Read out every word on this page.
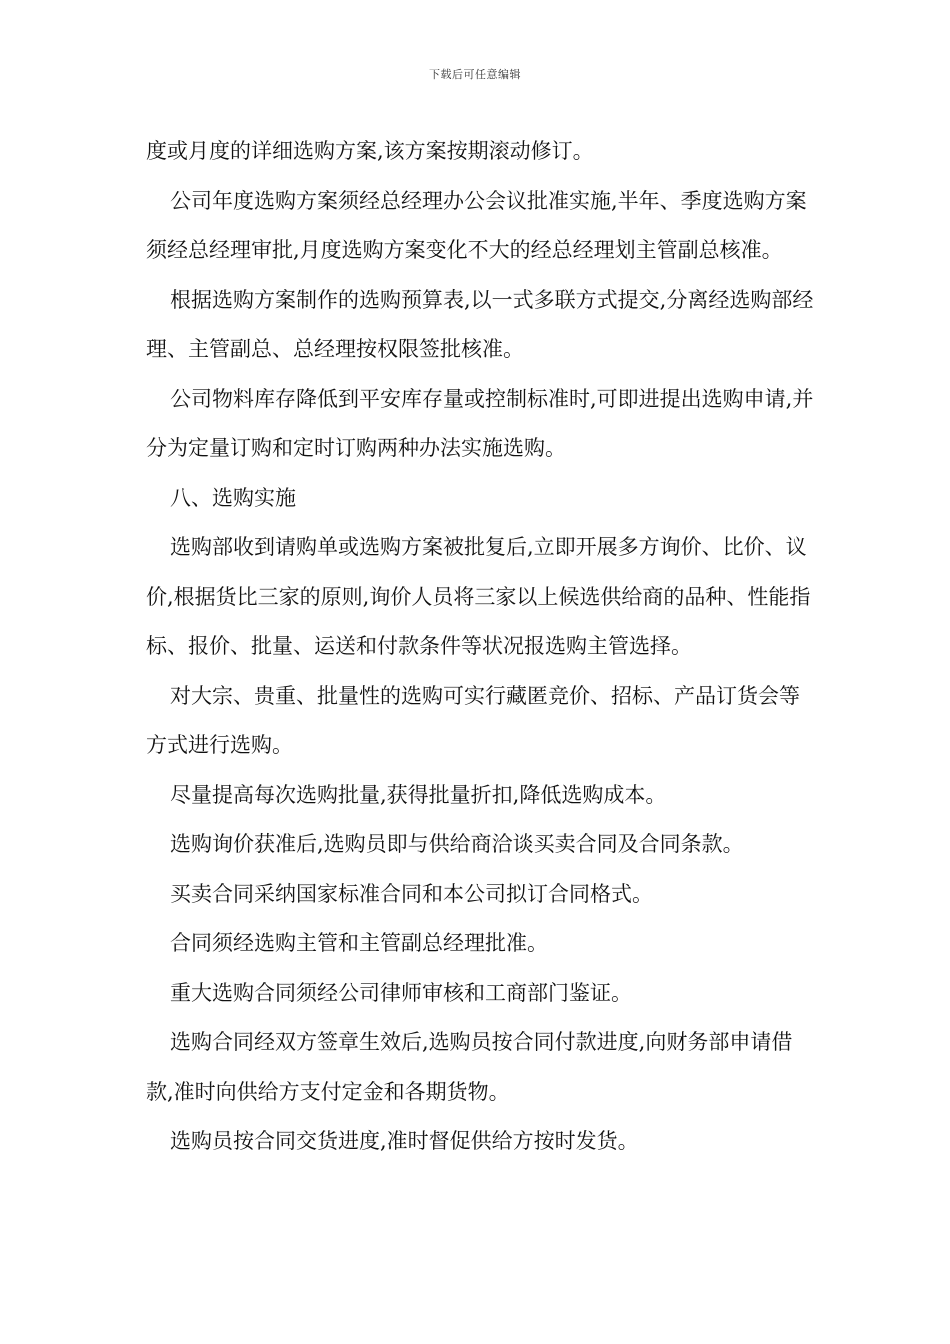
下载后可任意编辑

度或月度的详细选购方案,该方案按期滚动修订。

公司年度选购方案须经总经理办公会议批准实施,半年、季度选购方案须经总经理审批,月度选购方案变化不大的经总经理划主管副总核准。

根据选购方案制作的选购预算表,以一式多联方式提交,分离经选购部经理、主管副总、总经理按权限签批核准。

公司物料库存降低到平安库存量或控制标准时,可即进提出选购申请,并分为定量订购和定时订购两种办法实施选购。

八、选购实施

选购部收到请购单或选购方案被批复后,立即开展多方询价、比价、议价,根据货比三家的原则,询价人员将三家以上候选供给商的品种、性能指标、报价、批量、运送和付款条件等状况报选购主管选择。

对大宗、贵重、批量性的选购可实行藏匿竞价、招标、产品订货会等方式进行选购。

尽量提高每次选购批量,获得批量折扣,降低选购成本。

选购询价获准后,选购员即与供给商洽谈买卖合同及合同条款。

买卖合同采纳国家标准合同和本公司拟订合同格式。

合同须经选购主管和主管副总经理批准。

重大选购合同须经公司律师审核和工商部门鉴证。

选购合同经双方签章生效后,选购员按合同付款进度,向财务部申请借款,准时向供给方支付定金和各期货物。

选购员按合同交货进度,准时督促供给方按时发货。
